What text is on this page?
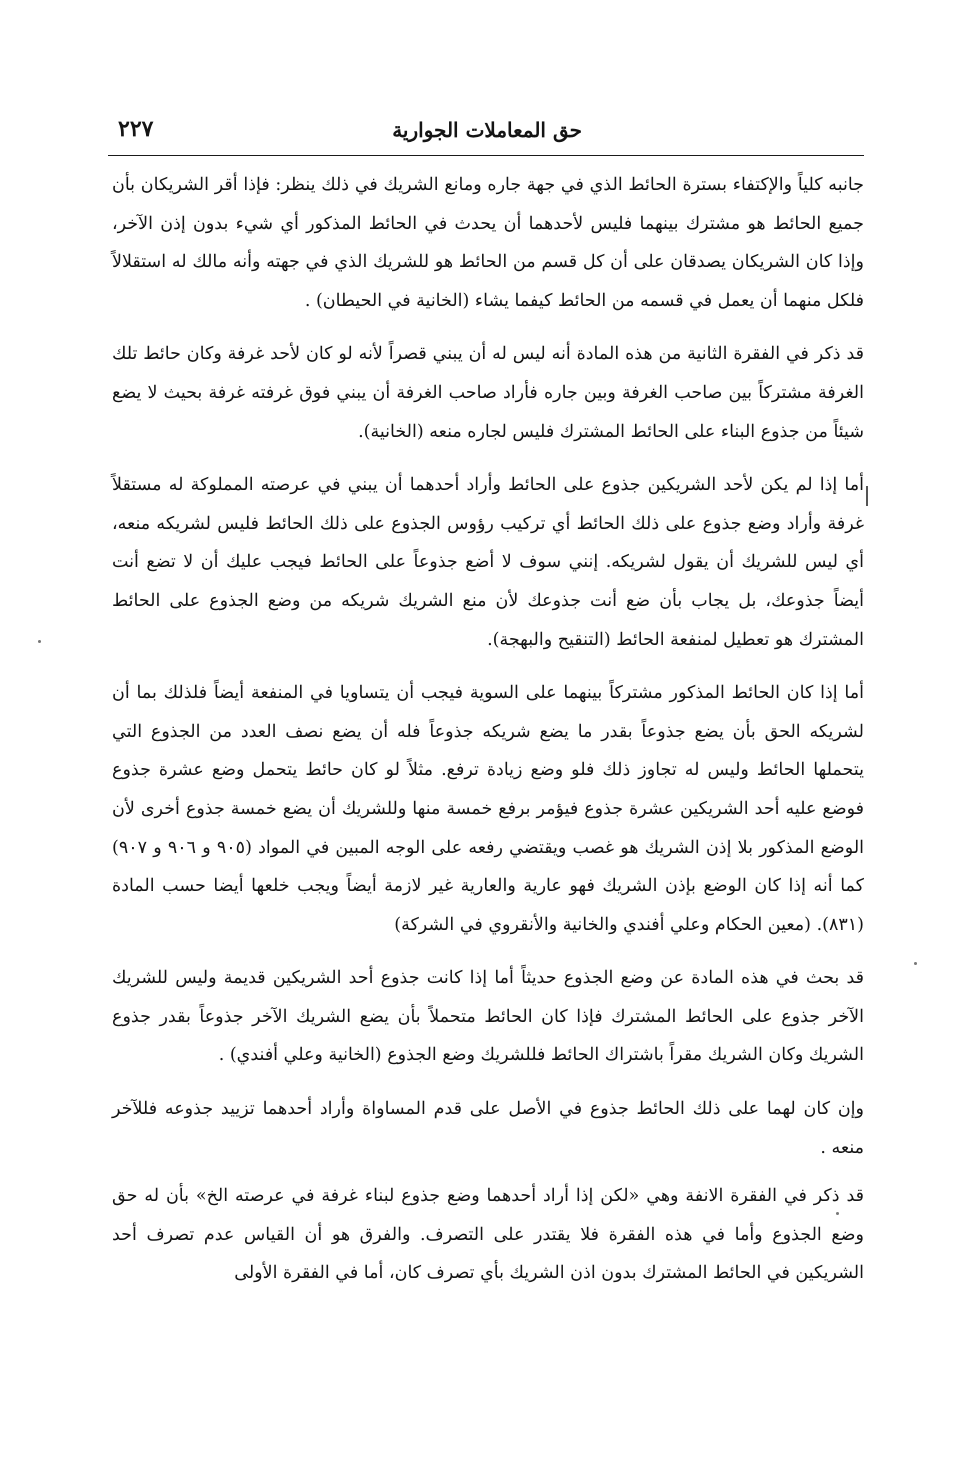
حق المعاملات الجوارية
٢٢٧

جانبه كلياً والإكتفاء بسترة الحائط الذي في جهة جاره ومانع الشريك في ذلك ينظر: فإذا أقر الشريكان بأن جميع الحائط هو مشترك بينهما فليس لأحدهما أن يحدث في الحائط المذكور أي شيء بدون إذن الآخر، وإذا كان الشريكان يصدقان على أن كل قسم من الحائط هو للشريك الذي في جهته وأنه مالك له استقلالاً فلكل منهما أن يعمل في قسمه من الحائط كيفما يشاء (الخانية في الحيطان) .

قد ذكر في الفقرة الثانية من هذه المادة أنه ليس له أن يبني قصراً لأنه لو كان لأحد غرفة وكان حائط تلك الغرفة مشتركاً بين صاحب الغرفة وبين جاره فأراد صاحب الغرفة أن يبني فوق غرفته غرفة بحيث لا يضع شيئاً من جذوع البناء على الحائط المشترك فليس لجاره منعه (الخانية).

أما إذا لم يكن لأحد الشريكين جذوع على الحائط وأراد أحدهما أن يبني في عرصته المملوكة له مستقلاً غرفة وأراد وضع جذوع على ذلك الحائط أي تركيب رؤوس الجذوع على ذلك الحائط فليس لشريكه منعه، أي ليس للشريك أن يقول لشريكه. إنني سوف لا أضع جذوعاً على الحائط فيجب عليك أن لا تضع أنت أيضاً جذوعك، بل يجاب بأن ضع أنت جذوعك لأن منع الشريك شريكه من وضع الجذوع على الحائط المشترك هو تعطيل لمنفعة الحائط (التنقيح والبهجة).

أما إذا كان الحائط المذكور مشتركاً بينهما على السوية فيجب أن يتساويا في المنفعة أيضاً فلذلك بما أن لشريكه الحق بأن يضع جذوعاً بقدر ما يضع شريكه جذوعاً فله أن يضع نصف العدد من الجذوع التي يتحملها الحائط وليس له تجاوز ذلك فلو وضع زيادة ترفع. مثلاً لو كان حائط يتحمل وضع عشرة جذوع فوضع عليه أحد الشريكين عشرة جذوع فيؤمر برفع خمسة منها وللشريك أن يضع خمسة جذوع أخرى لأن الوضع المذكور بلا إذن الشريك هو غصب ويقتضي رفعه على الوجه المبين في المواد (٩٠٥ و ٩٠٦ و ٩٠٧) كما أنه إذا كان الوضع بإذن الشريك فهو عارية والعارية غير لازمة أيضاً ويجب خلعها أيضا حسب المادة (٨٣١). (معين الحكام وعلي أفندي والخانية والأنقروي في الشركة)

قد بحث في هذه المادة عن وضع الجذوع حديثاً أما إذا كانت جذوع أحد الشريكين قديمة وليس للشريك الآخر جذوع على الحائط المشترك فإذا كان الحائط متحملاً بأن يضع الشريك الآخر جذوعاً بقدر جذوع الشريك وكان الشريك مقراً باشتراك الحائط فللشريك وضع الجذوع (الخانية وعلي أفندي) .

وإن كان لهما على ذلك الحائط جذوع في الأصل على قدم المساواة وأراد أحدهما تزييد جذوعه فللآخر منعه .

قد ذكر في الفقرة الانفة وهي «لكن إذا أراد أحدهما وضع جذوع لبناء غرفة في عرصته الخ» بأن له حق وضع الجذوع وأما في هذه الفقرة فلا يقتدر على التصرف. والفرق هو أن القياس عدم تصرف أحد الشريكين في الحائط المشترك بدون اذن الشريك بأي تصرف كان، أما في الفقرة الأولى
